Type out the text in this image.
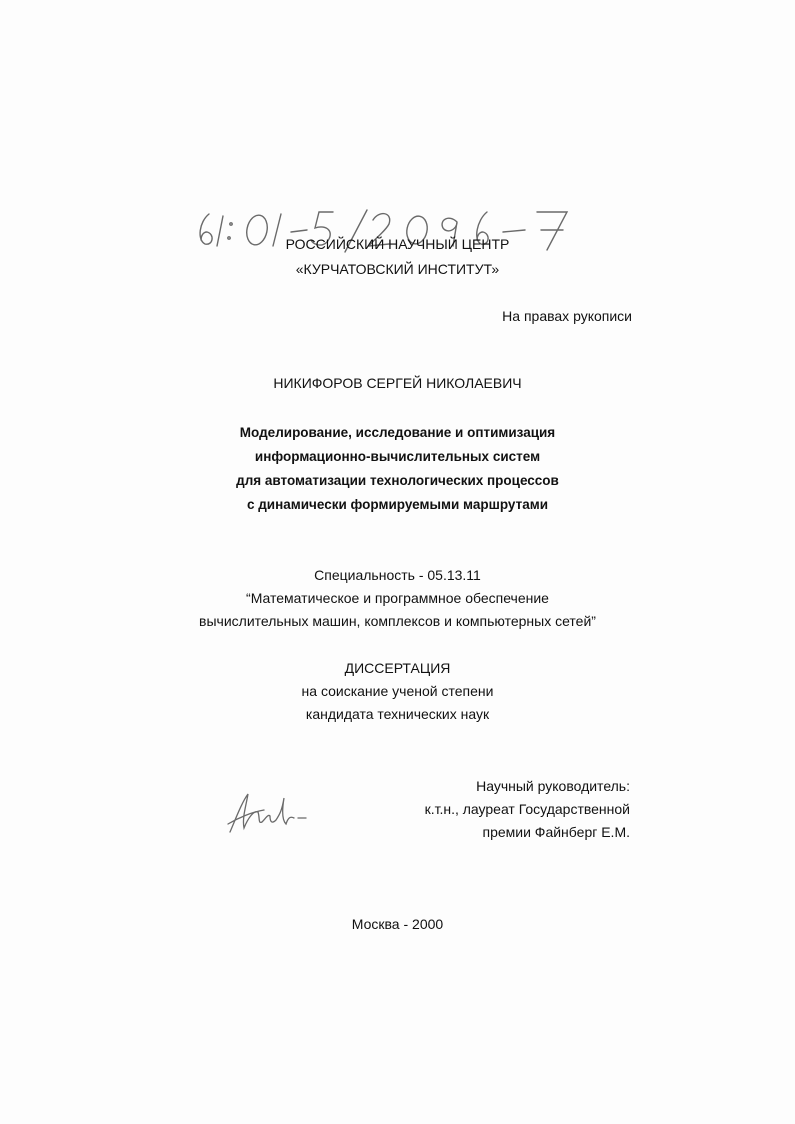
61:01-5/2096-7
РОССИЙСКИЙ НАУЧНЫЙ ЦЕНТР
«КУРЧАТОВСКИЙ ИНСТИТУТ»
На правах рукописи
НИКИФОРОВ СЕРГЕЙ НИКОЛАЕВИЧ
Моделирование, исследование и оптимизация
информационно-вычислительных систем
для автоматизации технологических процессов
с динамически формируемыми маршрутами
Специальность - 05.13.11
“Математическое и программное обеспечение
вычислительных машин, комплексов и компьютерных сетей”
ДИССЕРТАЦИЯ
на соискание ученой степени
кандидата технических наук
Научный руководитель:
к.т.н., лауреат Государственной
премии Файнберг Е.М.
Москва - 2000
